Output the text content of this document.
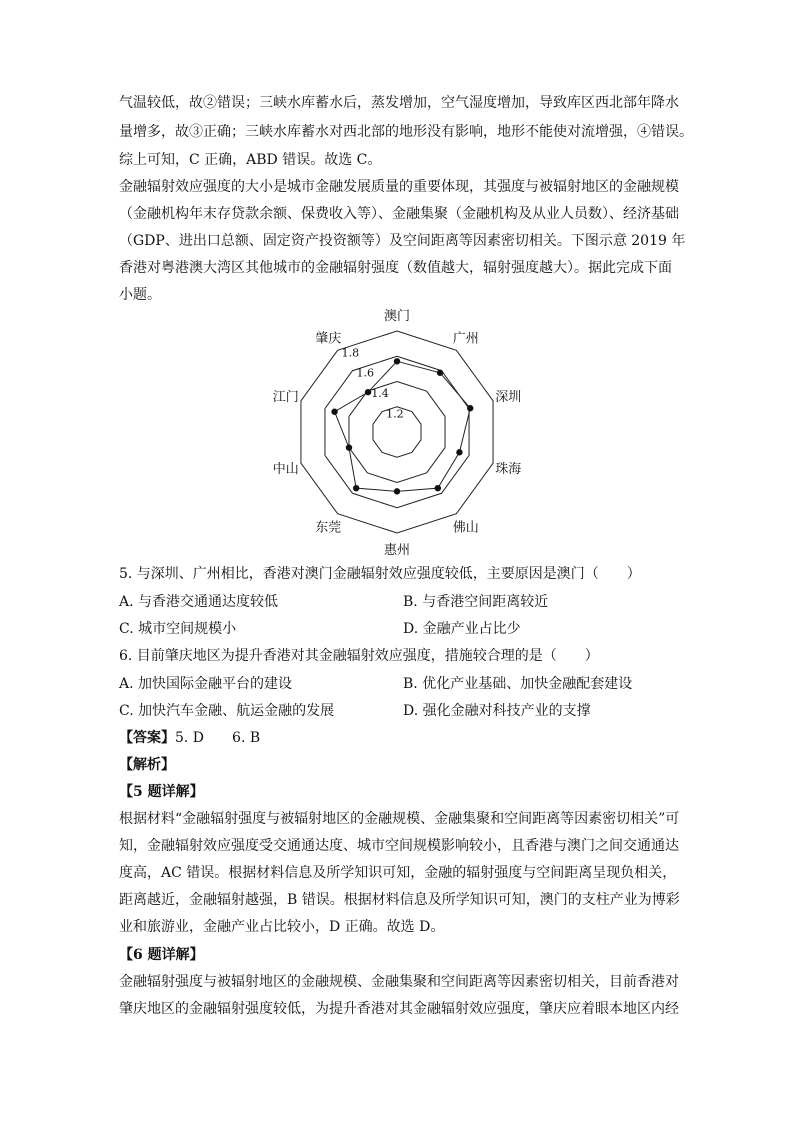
气温较低，故②错误；三峡水库蓄水后，蒸发增加，空气湿度增加，导致库区西北部年降水
量增多，故③正确；三峡水库蓄水对西北部的地形没有影响，地形不能使对流增强，④错误。
综上可知，C 正确，ABD 错误。故选 C。
金融辐射效应强度的大小是城市金融发展质量的重要体现，其强度与被辐射地区的金融规模
（金融机构年末存贷款余额、保费收入等）、金融集聚（金融机构及从业人员数）、经济基础
（GDP、进出口总额、固定资产投资额等）及空间距离等因素密切相关。下图示意 2019 年
香港对粤港澳大湾区其他城市的金融辐射强度（数值越大，辐射强度越大）。据此完成下面
小题。
1.2
1.4
1.6
1.8
澳门
广州
深圳
珠海
佛山
惠州
东莞
中山
江门
肇庆
5. 与深圳、广州相比，香港对澳门金融辐射效应强度较低，主要原因是澳门（　　）
A. 与香港交通通达度较低	B. 与香港空间距离较近
C. 城市空间规模小	D. 金融产业占比少
6. 目前肇庆地区为提升香港对其金融辐射效应强度，措施较合理的是（　　）
A. 加快国际金融平台的建设	B. 优化产业基础、加快金融配套建设
C. 加快汽车金融、航运金融的发展	D. 强化金融对科技产业的支撑
【答案】5. D　　6. B
【解析】
【5 题详解】
根据材料“金融辐射强度与被辐射地区的金融规模、金融集聚和空间距离等因素密切相关”可
知，金融辐射效应强度受交通通达度、城市空间规模影响较小，且香港与澳门之间交通通达
度高，AC 错误。根据材料信息及所学知识可知，金融的辐射强度与空间距离呈现负相关，
距离越近，金融辐射越强，B 错误。根据材料信息及所学知识可知，澳门的支柱产业为博彩
业和旅游业，金融产业占比较小，D 正确。故选 D。
【6 题详解】
金融辐射强度与被辐射地区的金融规模、金融集聚和空间距离等因素密切相关，目前香港对
肇庆地区的金融辐射强度较低，为提升香港对其金融辐射效应强度，肇庆应着眼本地区内经
